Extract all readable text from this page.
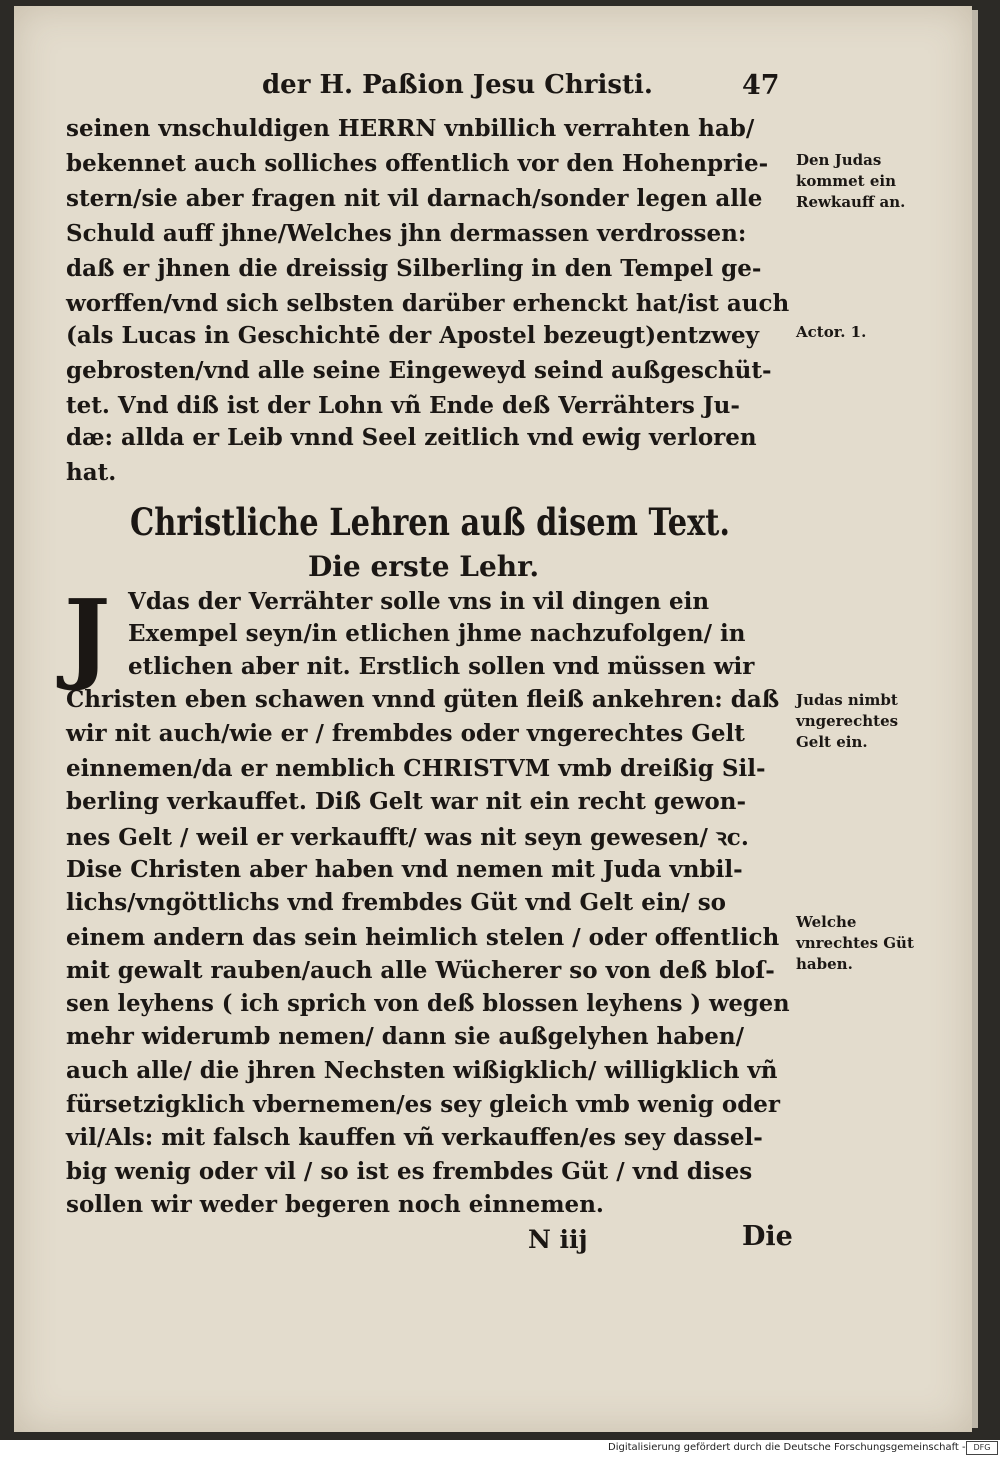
der H. Paßion Jesu Christi.	47
seinen vnschuldigen HERRN vnbillich verrahten hab/
bekennet auch solliches offentlich vor den Hohenprie-
stern/sie aber fragen nit vil darnach/sonder legen alle
Schuld auff jhne/Welches jhn dermassen verdrossen:
daß er jhnen die dreissig Silberling in den Tempel ge-
worffen/vnd sich selbsten darüber erhenckt hat/ist auch
(als Lucas in Geschichtē der Apostel bezeugt)entzwey
gebrosten/vnd alle seine Eingeweyd seind außgeschüt-
tet. Vnd diß ist der Lohn vñ Ende deß Verrähters Ju-
dæ: allda er Leib vnnd Seel zeitlich vnd ewig verloren
hat.
Christliche Lehren auß disem Text.
Die erste Lehr.
J Vdas der Verrähter solle vns in vil dingen ein
Exempel seyn/in etlichen jhme nachzufolgen/ in
etlichen aber nit. Erstlich sollen vnd müssen wir
Christen eben schawen vnnd güten fleiß ankehren: daß
wir nit auch/wie er / frembdes oder vngerechtes Gelt
einnemen/da er nemblich CHRISTVM vmb dreißig Sil-
berling verkauffet. Diß Gelt war nit ein recht gewon-
nes Gelt / weil er verkaufft/ was nit seyn gewesen/ ꝛc.
Dise Christen aber haben vnd nemen mit Juda vnbil-
lichs/vngöttlichs vnd frembdes Güt vnd Gelt ein/ so
einem andern das sein heimlich stelen / oder offentlich
mit gewalt rauben/auch alle Wücherer so von deß bloſ-
sen leyhens ( ich sprich von deß blossen leyhens ) wegen
mehr widerumb nemen/ dann sie außgelyhen haben/
auch alle/ die jhren Nechsten wißigklich/ willigklich vñ
fürsetzigklich vbernemen/es sey gleich vmb wenig oder
vil/Als: mit falsch kauffen vñ verkauffen/es sey dassel-
big wenig oder vil / so ist es frembdes Güt / vnd dises
sollen wir weder begeren noch einnemen.
Den Judas kommet ein Rewkauff an.
Actor. 1.
Judas nimbt vngerechtes Gelt ein.
Welche vnrechtes Güt haben.
N iij	Die
Digitalisierung gefördert durch die Deutsche Forschungsgemeinschaft - DFG
